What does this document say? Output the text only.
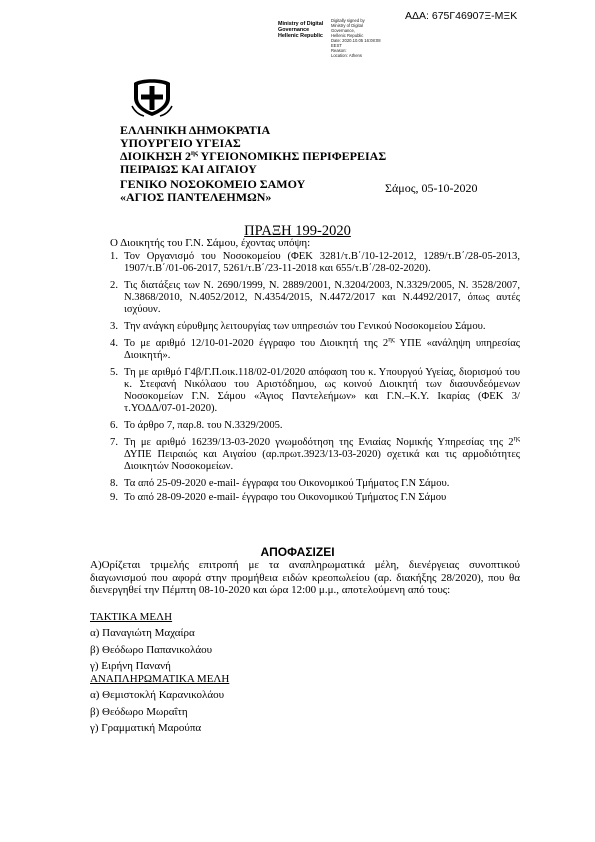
ΑΔΑ: 675Γ46907Ξ-ΜΞΚ
Ministry of Digital
Governance
Hellenic Republic
Digitally signed by
Ministry of Digital
Governance,
Hellenic Republic
Date: 2020.10.05 16:08:08
EEST
Reason:
Location: Athens
ΕΛΛΗΝΙΚΗ ΔΗΜΟΚΡΑΤΙΑ
ΥΠΟΥΡΓΕΙΟ ΥΓΕΙΑΣ
ΔΙΟΙΚΗΣΗ $2^{\eta\varsigma}$ ΥΓΕΙΟΝΟΜΙΚΗΣ ΠΕΡΙΦΕΡΕΙΑΣ
ΠΕΙΡΑΙΩΣ ΚΑΙ ΑΙΓΑΙΟΥ
ΓΕΝΙΚΟ ΝΟΣΟΚΟΜΕΙΟ ΣΑΜΟΥ
«ΑΓΙΟΣ ΠΑΝΤΕΛΕΗΜΩΝ»
Σάμος, 05-10-2020
ΠΡΑΞΗ 199-2020
Ο Διοικητής του Γ.Ν. Σάμου, έχοντας υπόψη:
1. Τον Οργανισμό του Νοσοκομείου (ΦΕΚ 3281/τ.Β΄/10-12-2012, 1289/τ.Β΄/28-05-2013, 1907/τ.Β΄/01-06-2017, 5261/τ.Β΄/23-11-2018 και 655/τ.Β΄/28-02-2020).
2. Τις διατάξεις των Ν. 2690/1999, Ν. 2889/2001, Ν.3204/2003, Ν.3329/2005, Ν. 3528/2007, Ν.3868/2010, Ν.4052/2012, Ν.4354/2015, Ν.4472/2017 και Ν.4492/2017, όπως αυτές ισχύουν.
3. Την ανάγκη εύρυθμης λειτουργίας των υπηρεσιών του Γενικού Νοσοκομείου Σάμου.
4. Το με αριθμό 12/10-01-2020 έγγραφο του Διοικητή της $2^{\eta\varsigma}$ ΥΠΕ «ανάληψη υπηρεσίας Διοικητή».
5. Τη με αριθμό Γ4β/Γ.Π.οικ.118/02-01/2020 απόφαση του κ. Υπουργού Υγείας, διορισμού του κ. Στεφανή Νικόλαου του Αριστόδημου, ως κοινού Διοικητή των διασυνδεόμενων Νοσοκομείων Γ.Ν. Σάμου «Άγιος Παντελεήμων» και Γ.Ν.–Κ.Υ. Ικαρίας (ΦΕΚ 3/τ.ΥΟΔΔ/07-01-2020).
6. Το άρθρο 7, παρ.8. του Ν.3329/2005.
7. Τη με αριθμό 16239/13-03-2020 γνωμοδότηση της Ενιαίας Νομικής Υπηρεσίας της $2^{\eta\varsigma}$ ΔΥΠΕ Πειραιώς και Αιγαίου (αρ.πρωτ.3923/13-03-2020) σχετικά και τις αρμοδιότητες Διοικητών Νοσοκομείων.
8. Τα από 25-09-2020 e-mail- έγγραφα του Οικονομικού Τμήματος Γ.Ν Σάμου.
9. Το από 28-09-2020 e-mail- έγγραφο του Οικονομικού Τμήματος Γ.Ν Σάμου
ΑΠΟΦΑΣΙΖΕΙ
Α)Ορίζεται τριμελής επιτροπή με τα αναπληρωματικά μέλη, διενέργειας συνοπτικού διαγωνισμού που αφορά στην προμήθεια ειδών κρεοπωλείου (αρ. διακήξης 28/2020), που θα διενεργηθεί την Πέμπτη 08-10-2020 και ώρα 12:00 μ.μ., αποτελούμενη από τους:
ΤΑΚΤΙΚΑ ΜΕΛΗ
α) Παναγιώτη Μαχαίρα
β) Θεόδωρο Παπανικολάου
γ) Ειρήνη Πανανή
ΑΝΑΠΛΗΡΩΜΑΤΙΚΑ ΜΕΛΗ
α) Θεμιστοκλή Καρανικολάου
β) Θεόδωρο Μωραΐτη
γ) Γραμματική Μαρούπα
